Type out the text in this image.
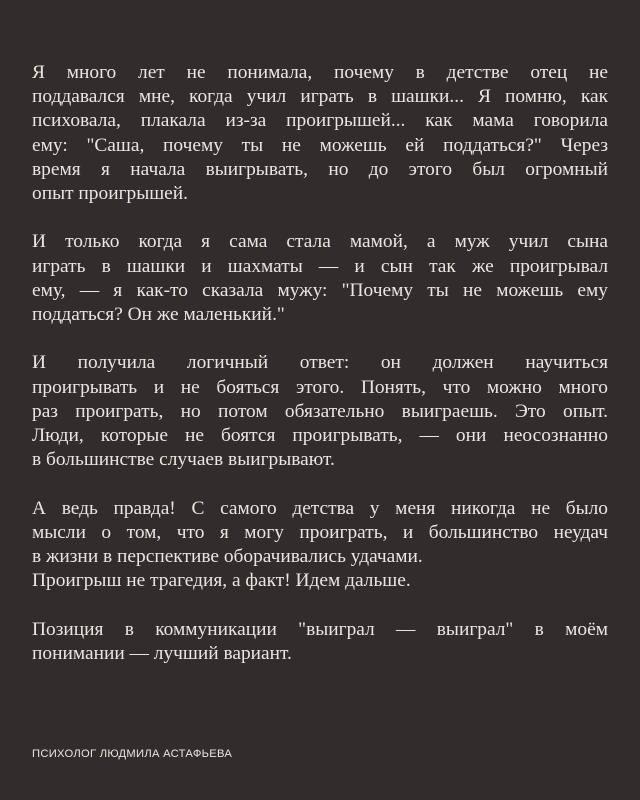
Я много лет не понимала, почему в детстве отец не
поддавался мне, когда учил играть в шашки... Я помню, как
психовала, плакала из-за проигрышей... как мама говорила
ему: "Саша, почему ты не можешь ей поддаться?" Через
время я начала выигрывать, но до этого был огромный
опыт проигрышей.
И только когда я сама стала мамой, а муж учил сына
играть в шашки и шахматы — и сын так же проигрывал
ему, — я как-то сказала мужу: "Почему ты не можешь ему
поддаться? Он же маленький."
И получила логичный ответ: он должен научиться
проигрывать и не бояться этого. Понять, что можно много
раз проиграть, но потом обязательно выиграешь. Это опыт.
Люди, которые не боятся проигрывать, — они неосознанно
в большинстве случаев выигрывают.
А ведь правда! С самого детства у меня никогда не было
мысли о том, что я могу проиграть, и большинство неудач
в жизни в перспективе оборачивались удачами.
Проигрыш не трагедия, а факт! Идем дальше.
Позиция в коммуникации "выиграл — выиграл" в моём
понимании — лучший вариант.
ПСИХОЛОГ ЛЮДМИЛА АСТАФЬЕВА
